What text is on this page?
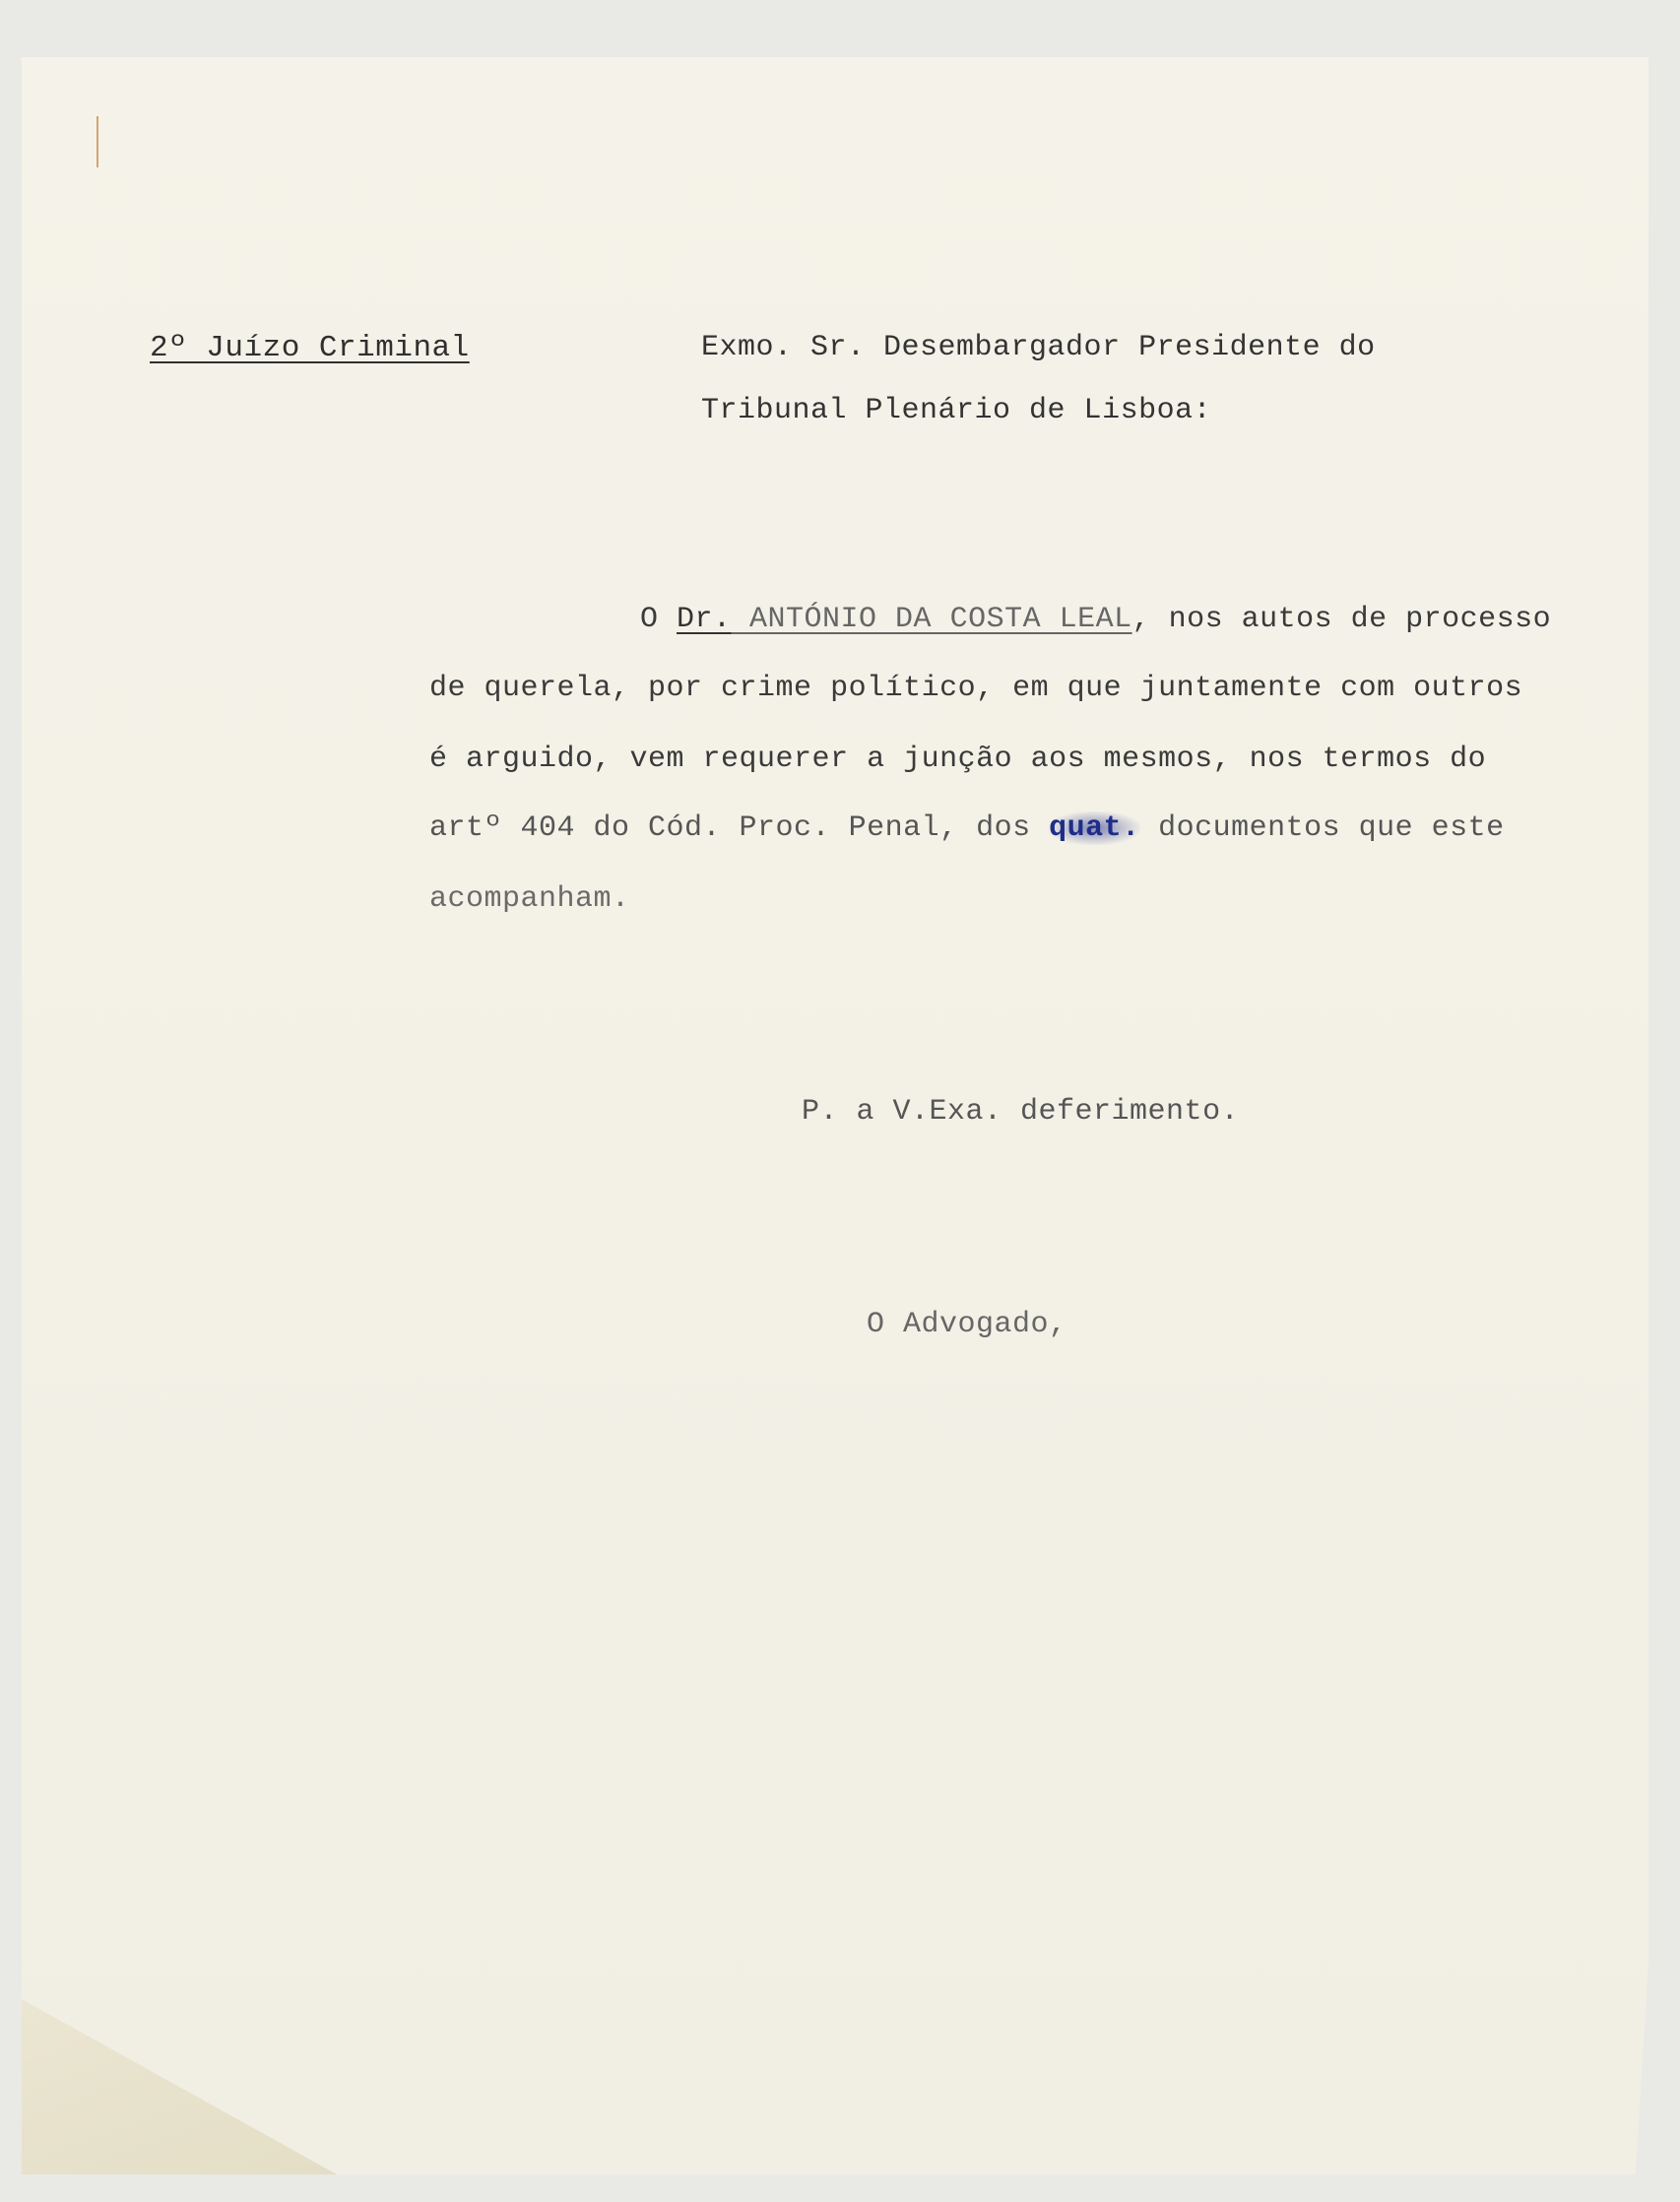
2º Juízo Criminal	Exmo. Sr. Desembargador Presidente do
Tribunal Plenário de Lisboa:
O Dr. ANTÓNIO DA COSTA LEAL, nos autos de processo
de querela, por crime político, em que juntamente com outros
é arguido, vem requerer a junção aos mesmos, nos termos do
artº 404 do Cód. Proc. Penal, dos quat. documentos que este
acompanham.
P. a V.Exa. deferimento.
O Advogado,
